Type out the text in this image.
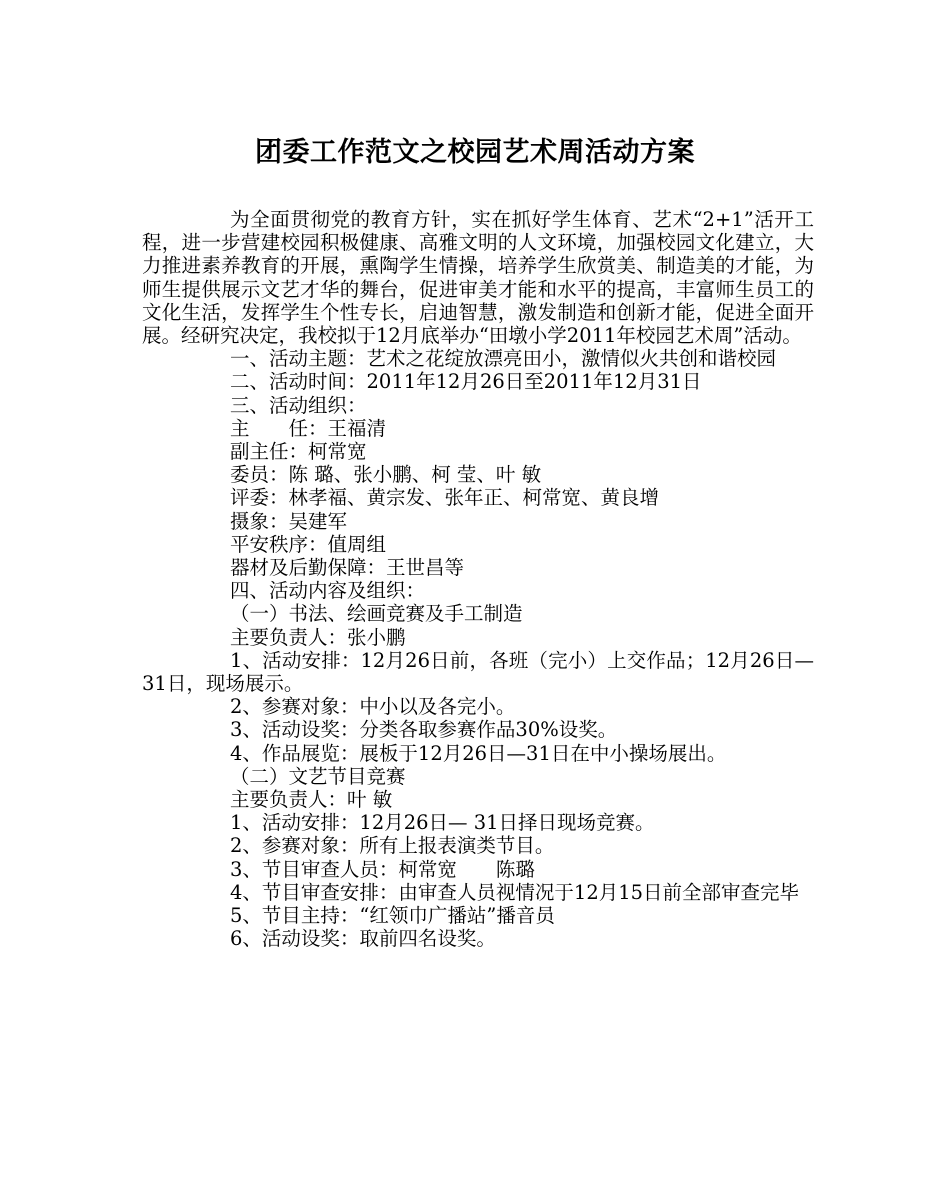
团委工作范文之校园艺术周活动方案

为全面贯彻党的教育方针，实在抓好学生体育、艺术“2+1”活开工程，进一步营建校园积极健康、高雅文明的人文环境，加强校园文化建立，大力推进素养教育的开展，熏陶学生情操，培养学生欣赏美、制造美的才能，为师生提供展示文艺才华的舞台，促进审美才能和水平的提高，丰富师生员工的文化生活，发挥学生个性专长，启迪智慧，激发制造和创新才能，促进全面开展。经研究决定，我校拟于12月底举办“田墩小学2011年校园艺术周”活动。

一、活动主题：艺术之花绽放漂亮田小，激情似火共创和谐校园

二、活动时间：2011年12月26日至2011年12月31日

三、活动组织：

主　　任：王福清

副主任：柯常宽

委员：陈 璐、张小鹏、柯 莹、叶 敏

评委：林孝福、黄宗发、张年正、柯常宽、黄良增

摄象：吴建军

平安秩序：值周组

器材及后勤保障：王世昌等

四、活动内容及组织：

（一）书法、绘画竞赛及手工制造

主要负责人：张小鹏

1、活动安排：12月26日前，各班（完小）上交作品；12月26日—31日，现场展示。

2、参赛对象：中小以及各完小。

3、活动设奖：分类各取参赛作品30%设奖。

4、作品展览：展板于12月26日—31日在中小操场展出。

（二）文艺节目竞赛

主要负责人：叶 敏

1、活动安排：12月26日— 31日择日现场竞赛。

2、参赛对象：所有上报表演类节目。

3、节目审查人员：柯常宽　　陈璐

4、节目审查安排：由审查人员视情况于12月15日前全部审查完毕

5、节目主持：“红领巾广播站”播音员

6、活动设奖：取前四名设奖。
